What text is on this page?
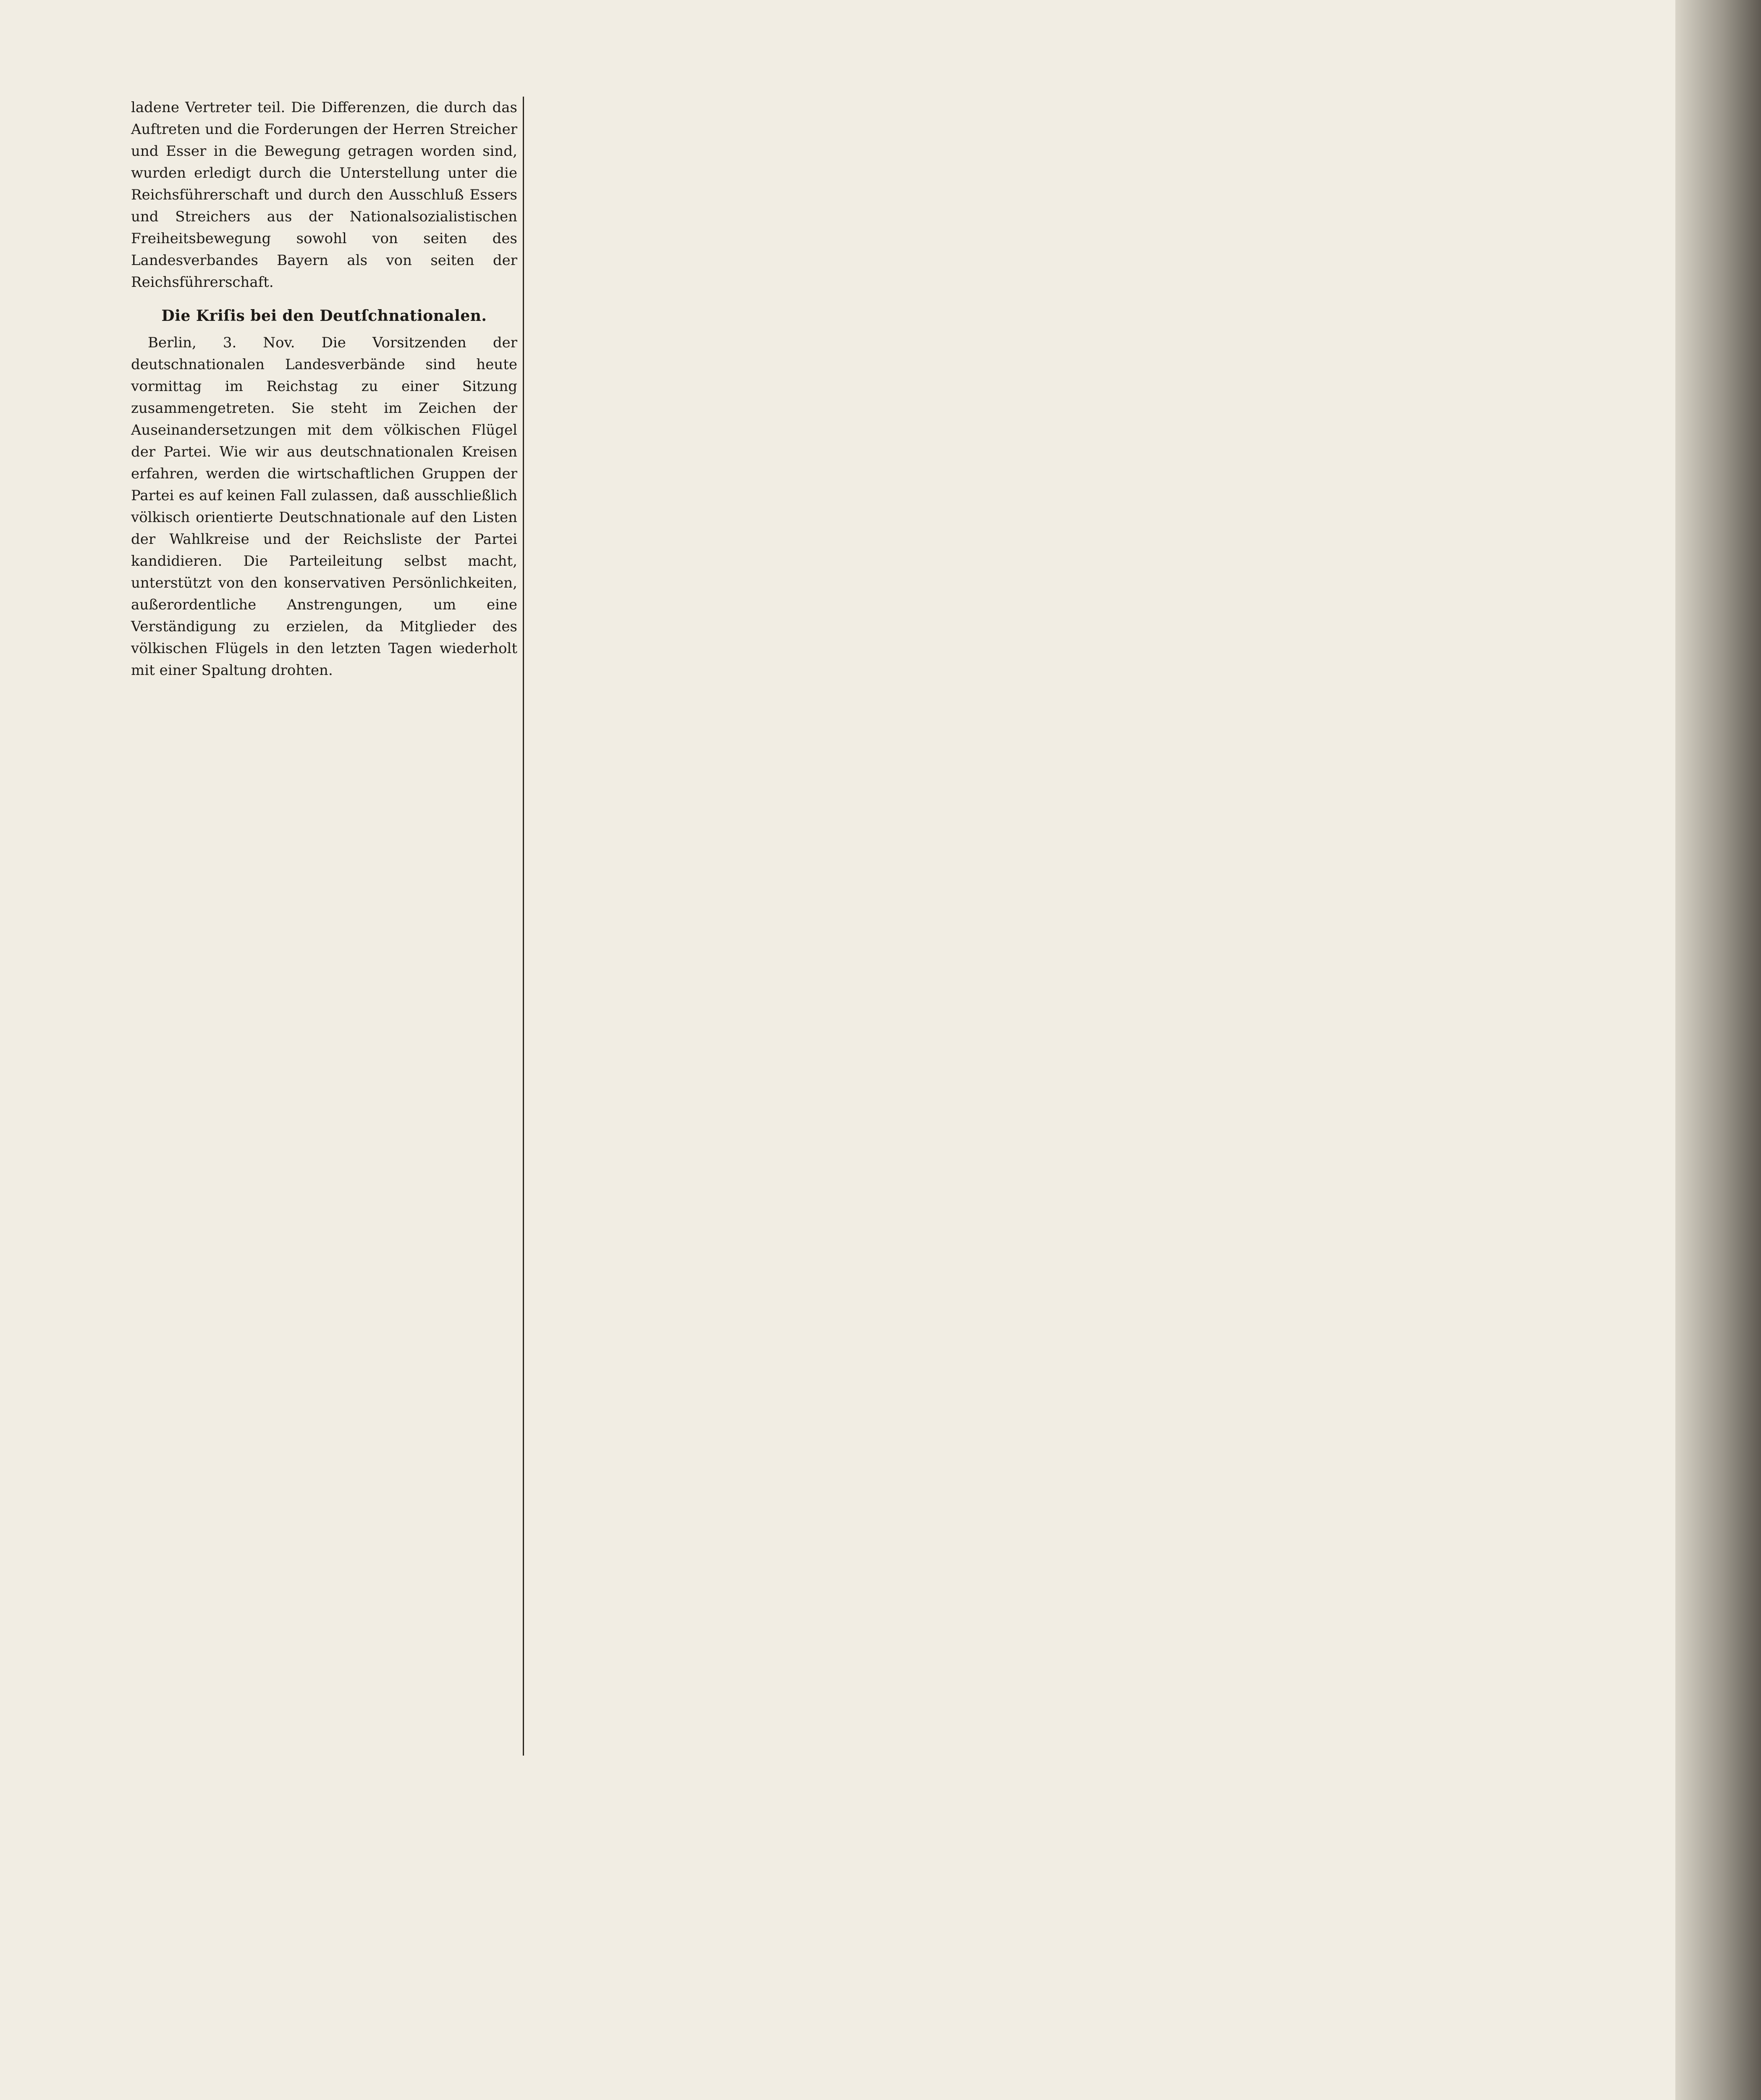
ladene Vertreter teil. Die Differenzen, die durch das Auftreten und die Forderungen der Herren Streicher und Esser in die Bewegung getragen worden sind, wurden erledigt durch die Unterstellung unter die Reichsführerschaft und durch den Ausschluß Essers und Streichers aus der Nationalsozialistischen Freiheitsbewegung sowohl von seiten des Landesverbandes Bayern als von seiten der Reichsführerschaft.

Die Kriſis bei den Deutſchnationalen.

Berlin, 3. Nov. Die Vorsitzenden der deutschnationalen Landesverbände sind heute vormittag im Reichstag zu einer Sitzung zusammengetreten. Sie steht im Zeichen der Auseinandersetzungen mit dem völkischen Flügel der Partei. Wie wir aus deutschnationalen Kreisen erfahren, werden die wirtschaftlichen Gruppen der Partei es auf keinen Fall zulassen, daß ausschließlich völkisch orientierte Deutschnationale auf den Listen der Wahlkreise und der Reichsliste der Partei kandidieren. Die Parteileitung selbst macht, unterstützt von den konservativen Persönlichkeiten, außerordentliche Anstrengungen, um eine Verständigung zu erzielen, da Mitglieder des völkischen Flügels in den letzten Tagen wiederholt mit einer Spaltung drohten.
